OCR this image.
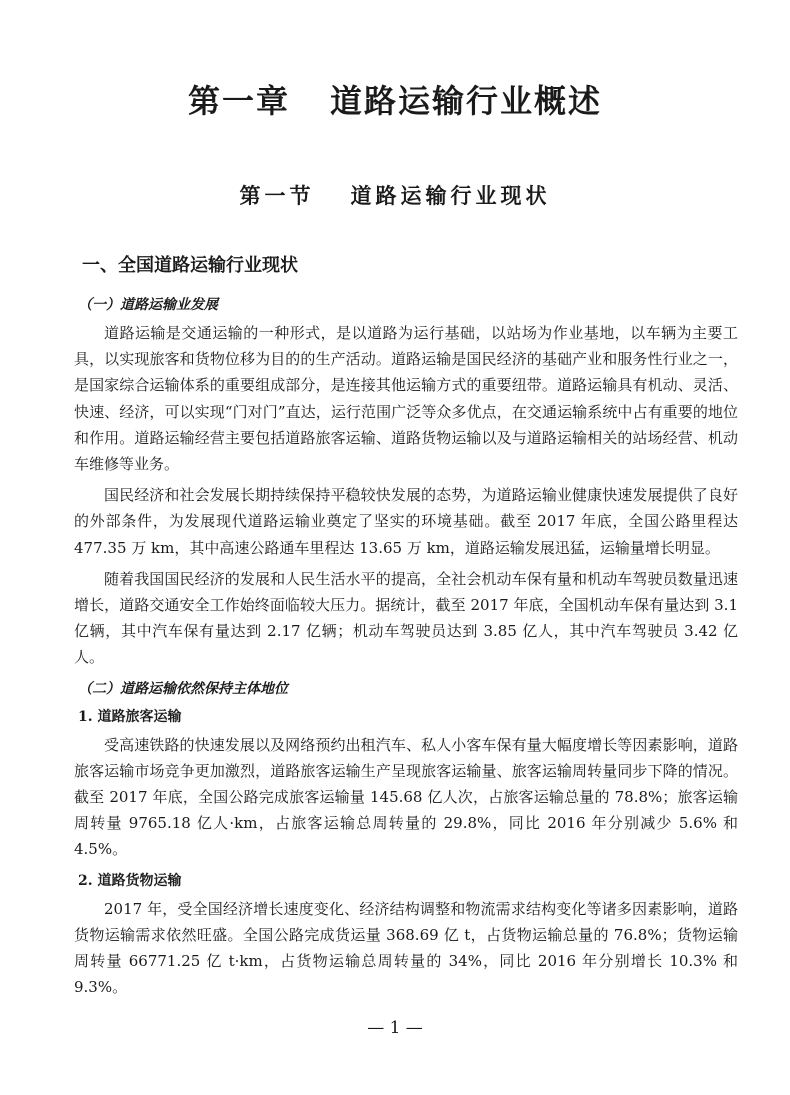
第一章 道路运输行业概述
第一节 道路运输行业现状
一、全国道路运输行业现状
（一）道路运输业发展

道路运输是交通运输的一种形式，是以道路为运行基础，以站场为作业基地，以车辆为主要工具，以实现旅客和货物位移为目的的生产活动。道路运输是国民经济的基础产业和服务性行业之一，是国家综合运输体系的重要组成部分，是连接其他运输方式的重要纽带。道路运输具有机动、灵活、快速、经济，可以实现“门对门”直达，运行范围广泛等众多优点，在交通运输系统中占有重要的地位和作用。道路运输经营主要包括道路旅客运输、道路货物运输以及与道路运输相关的站场经营、机动车维修等业务。

国民经济和社会发展长期持续保持平稳较快发展的态势，为道路运输业健康快速发展提供了良好的外部条件，为发展现代道路运输业奠定了坚实的环境基础。截至 2017 年底，全国公路里程达 477.35 万 km，其中高速公路通车里程达 13.65 万 km，道路运输发展迅猛，运输量增长明显。

随着我国国民经济的发展和人民生活水平的提高，全社会机动车保有量和机动车驾驶员数量迅速增长，道路交通安全工作始终面临较大压力。据统计，截至 2017 年底，全国机动车保有量达到 3.1 亿辆，其中汽车保有量达到 2.17 亿辆；机动车驾驶员达到 3.85 亿人，其中汽车驾驶员 3.42 亿人。

（二）道路运输依然保持主体地位
1. 道路旅客运输

受高速铁路的快速发展以及网络预约出租汽车、私人小客车保有量大幅度增长等因素影响，道路旅客运输市场竞争更加激烈，道路旅客运输生产呈现旅客运输量、旅客运输周转量同步下降的情况。截至 2017 年底，全国公路完成旅客运输量 145.68 亿人次，占旅客运输总量的 78.8%；旅客运输周转量 9765.18 亿人·km，占旅客运输总周转量的 29.8%，同比 2016 年分别减少 5.6% 和 4.5%。

2. 道路货物运输

2017 年，受全国经济增长速度变化、经济结构调整和物流需求结构变化等诸多因素影响，道路货物运输需求依然旺盛。全国公路完成货运量 368.69 亿 t，占货物运输总量的 76.8%；货物运输周转量 66771.25 亿 t·km，占货物运输总周转量的 34%，同比 2016 年分别增长 10.3% 和 9.3%。

— 1 —
